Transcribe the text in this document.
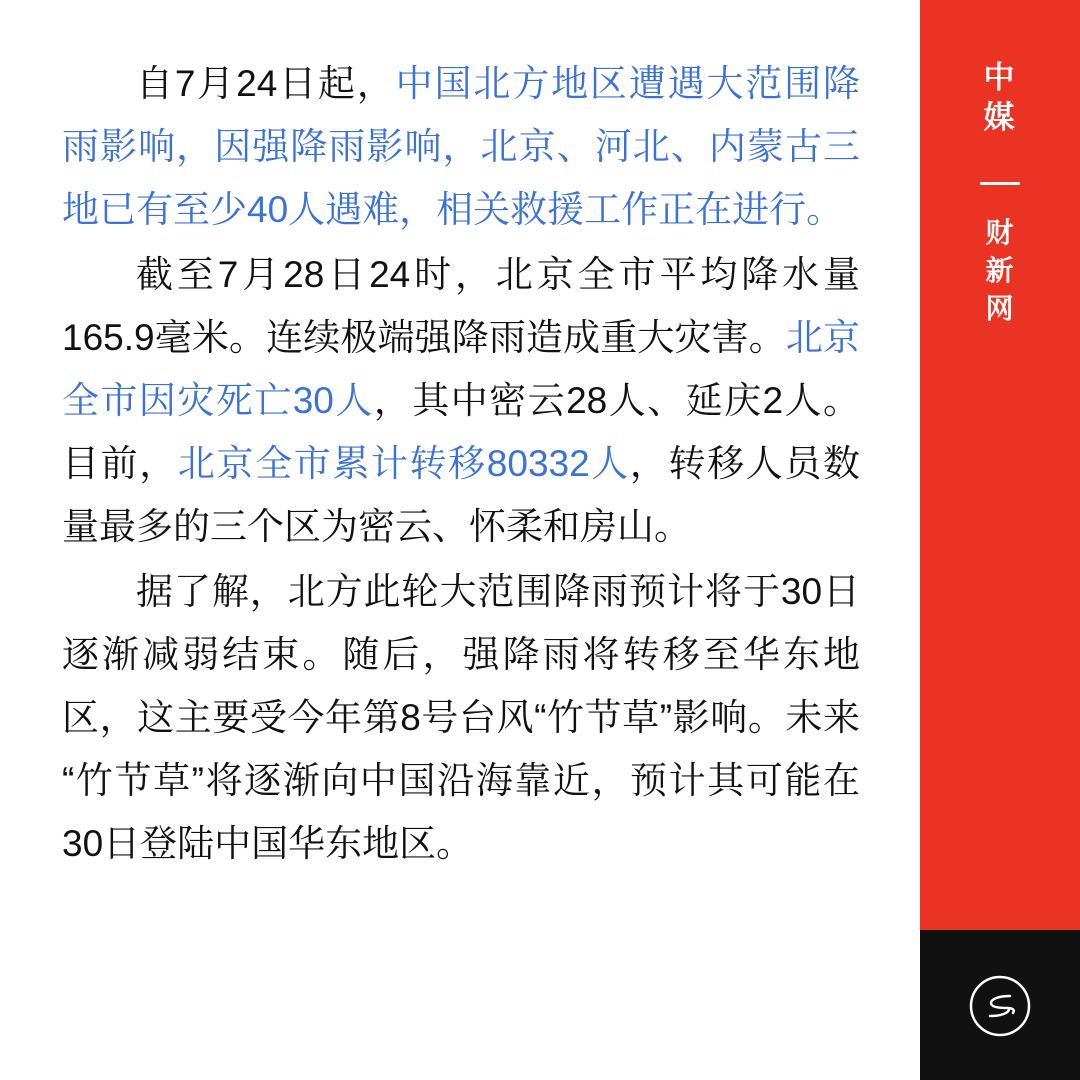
自7月24日起，中国北方地区遭遇大范围降雨影响，因强降雨影响，北京、河北、内蒙古三地已有至少40人遇难，相关救援工作正在进行。

截至7月28日24时，北京全市平均降水量165.9毫米。连续极端强降雨造成重大灾害。北京全市因灾死亡30人，其中密云28人、延庆2人。目前，北京全市累计转移80332人，转移人员数量最多的三个区为密云、怀柔和房山。

据了解，北方此轮大范围降雨预计将于30日逐渐减弱结束。随后，强降雨将转移至华东地区，这主要受今年第8号台风“竹节草”影响。未来“竹节草”将逐渐向中国沿海靠近，预计其可能在30日登陆中国华东地区。

中
媒
财
新
网
